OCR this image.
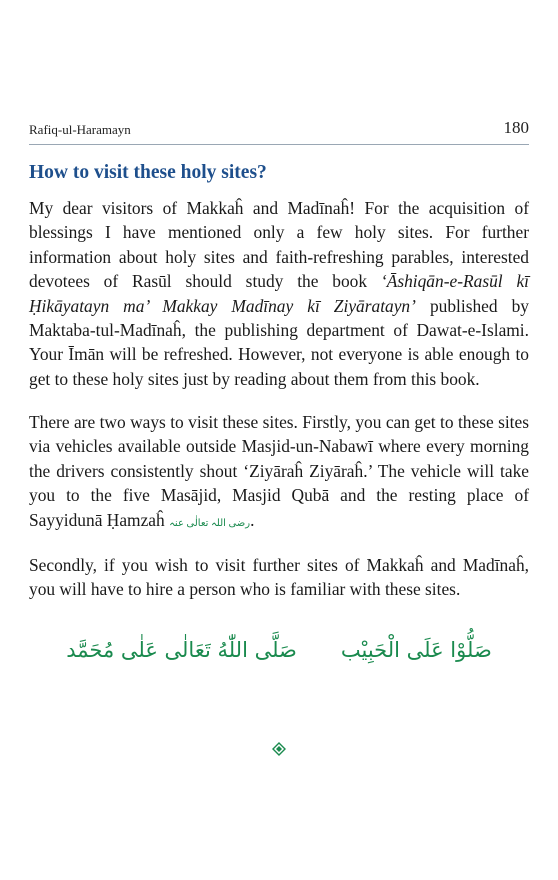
Rafiq-ul-Haramayn	180
How to visit these holy sites?

My dear visitors of Makkaĥ and Madīnaĥ! For the acquisition of blessings I have mentioned only a few holy sites. For further information about holy sites and faith-refreshing parables, interested devotees of Rasūl should study the book ‘Āshiqān-e-Rasūl kī Ḥikāyatayn ma’ Makkay Madīnay kī Ziyāratayn’ published by Maktaba-tul-Madīnaĥ, the publishing department of Dawat-e-Islami. Your Īmān will be refreshed. However, not everyone is able enough to get to these holy sites just by reading about them from this book.

There are two ways to visit these sites. Firstly, you can get to these sites via vehicles available outside Masjid-un-Nabawī where every morning the drivers consistently shout ‘Ziyāraĥ Ziyāraĥ.’ The vehicle will take you to the five Masājid, Masjid Qubā and the resting place of Sayyidunā Ḥamzaĥ رضی اللہ تعالٰی عنہ.

Secondly, if you wish to visit further sites of Makkaĥ and Madīnaĥ, you will have to hire a person who is familiar with these sites.

صَلُّوْا عَلَی الْحَبِیْب
صَلَّی اللّٰهُ تَعَالٰی عَلٰی مُحَمَّد
